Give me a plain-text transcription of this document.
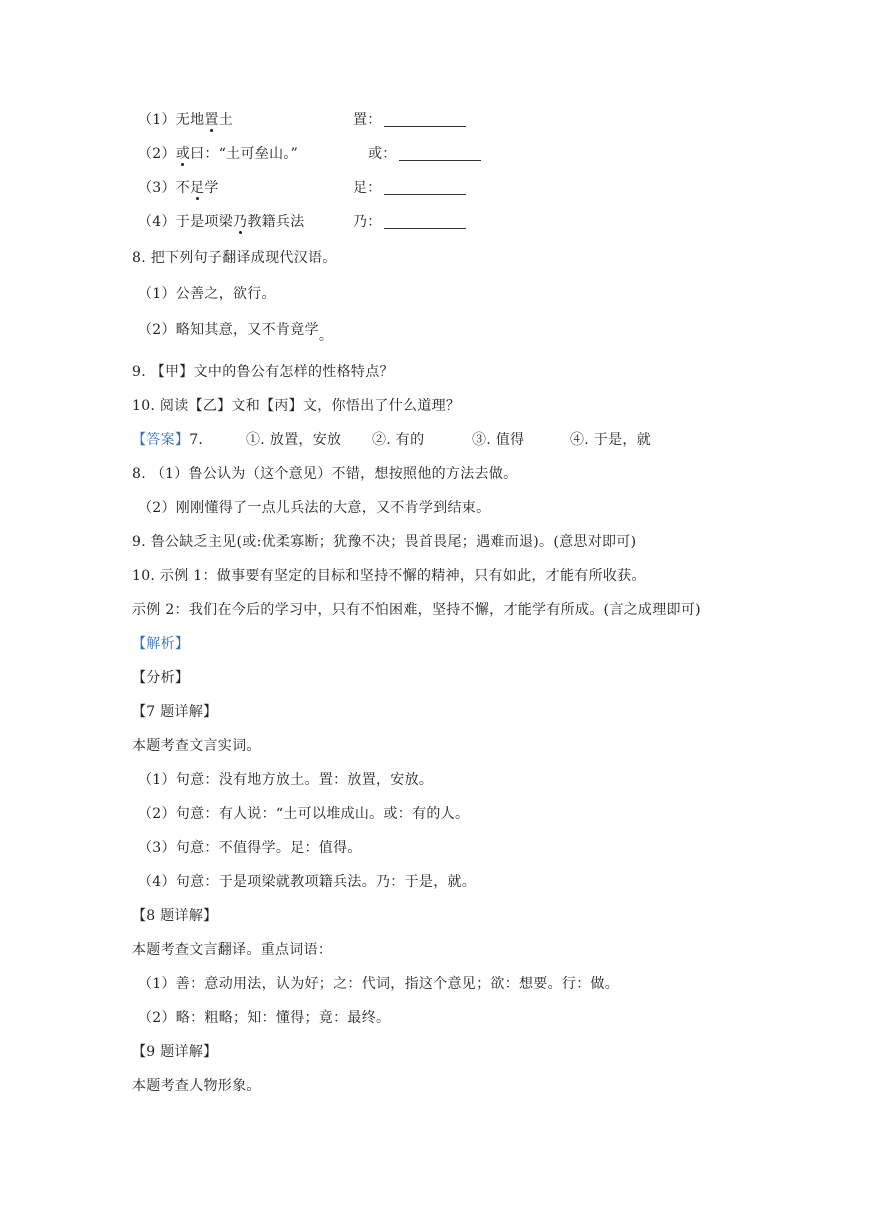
（1）无地置土	置：
（2）或曰：“土可垒山。”	或：
（3）不足学	足：
（4）于是项梁乃教籍兵法	乃：
8. 把下列句子翻译成现代汉语。
（1）公善之，欲行。
（2）略知其意，又不肯竟学。
9. 【甲】文中的鲁公有怎样的性格特点？
10. 阅读【乙】文和【丙】文，你悟出了什么道理？
【答案】7.	①. 放置，安放 ②. 有的	③. 值得	④. 于是，就
8. （1）鲁公认为（这个意见）不错，想按照他的方法去做。
（2）刚刚懂得了一点儿兵法的大意，又不肯学到结束。
9. 鲁公缺乏主见(或:优柔寡断；犹豫不决；畏首畏尾；遇难而退)。(意思对即可)
10. 示例 1：做事要有坚定的目标和坚持不懈的精神，只有如此，才能有所收获。
示例 2：我们在今后的学习中，只有不怕困难，坚持不懈，才能学有所成。(言之成理即可)
【解析】
【分析】
【7 题详解】
本题考查文言实词。
（1）句意：没有地方放土。置：放置，安放。
（2）句意：有人说：“土可以堆成山。或：有的人。
（3）句意：不值得学。足：值得。
（4）句意：于是项梁就教项籍兵法。乃：于是，就。
【8 题详解】
本题考查文言翻译。重点词语：
（1）善：意动用法，认为好；之：代词，指这个意见；欲：想要。行：做。
（2）略：粗略；知：懂得；竟：最终。
【9 题详解】
本题考查人物形象。
